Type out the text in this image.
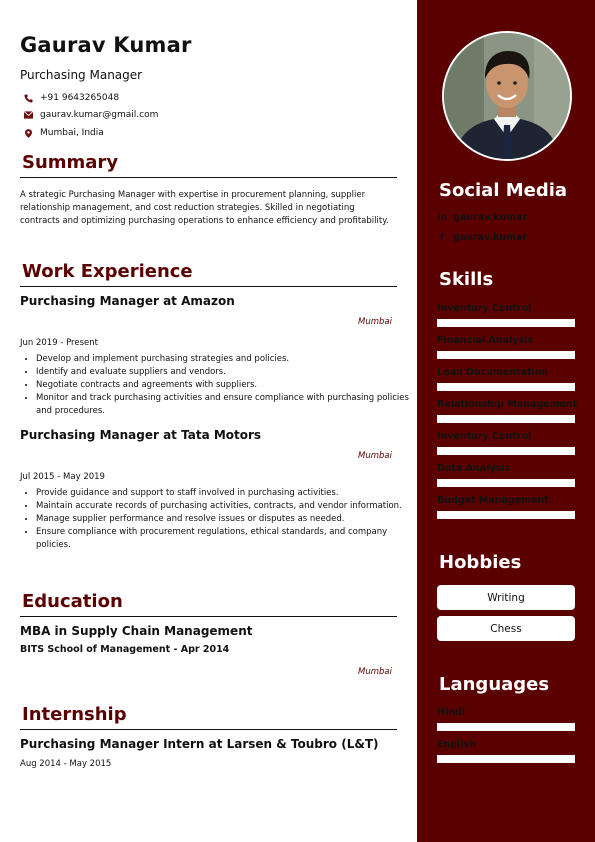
Gaurav Kumar
Purchasing Manager
+91 9643265048
gaurav.kumar@gmail.com
Mumbai, India
Summary
A strategic Purchasing Manager with expertise in procurement planning, supplier relationship management, and cost reduction strategies. Skilled in negotiating contracts and optimizing purchasing operations to enhance efficiency and profitability.
Work Experience
Purchasing Manager at Amazon
Mumbai
Jun 2019 - Present
• Develop and implement purchasing strategies and policies.
• Identify and evaluate suppliers and vendors.
• Negotiate contracts and agreements with suppliers.
• Monitor and track purchasing activities and ensure compliance with purchasing policies and procedures.
Purchasing Manager at Tata Motors
Mumbai
Jul 2015 - May 2019
• Provide guidance and support to staff involved in purchasing activities.
• Maintain accurate records of purchasing activities, contracts, and vendor information.
• Manage supplier performance and resolve issues or disputes as needed.
• Ensure compliance with procurement regulations, ethical standards, and company policies.
Education
MBA in Supply Chain Management
BITS School of Management - Apr 2014
Mumbai
Internship
Purchasing Manager Intern at Larsen & Toubro (L&T)
Aug 2014 - May 2015
Social Media
in gaurav.kumar
f gaurav.kumar
Skills
Inventory Control
Financial Analysis
Loan Documentation
Relationship Management
Inventory Control
Data Analysis
Budget Management
Hobbies
Writing
Chess
Languages
Hindi
English
